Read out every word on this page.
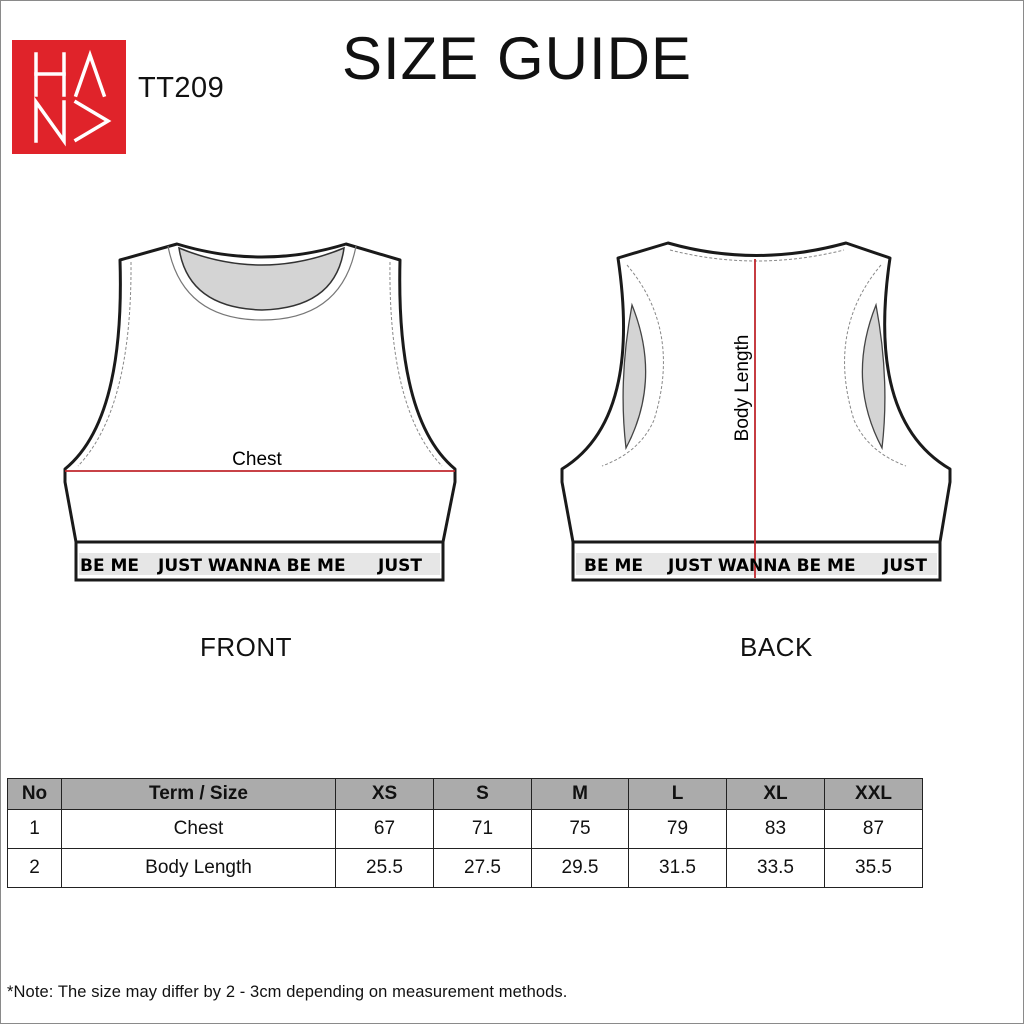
TT209	SIZE GUIDE
BE ME JUST WANNA BE ME JUST	BE ME JUST WANNA BE ME JUST
Chest
Body Length
FRONT	BACK
No	Term / Size	XS	S	M	L	XL	XXL
1	Chest	67	71	75	79	83	87
2	Body Length	25.5	27.5	29.5	31.5	33.5	35.5
*Note: The size may differ by 2 - 3cm depending on measurement methods.
